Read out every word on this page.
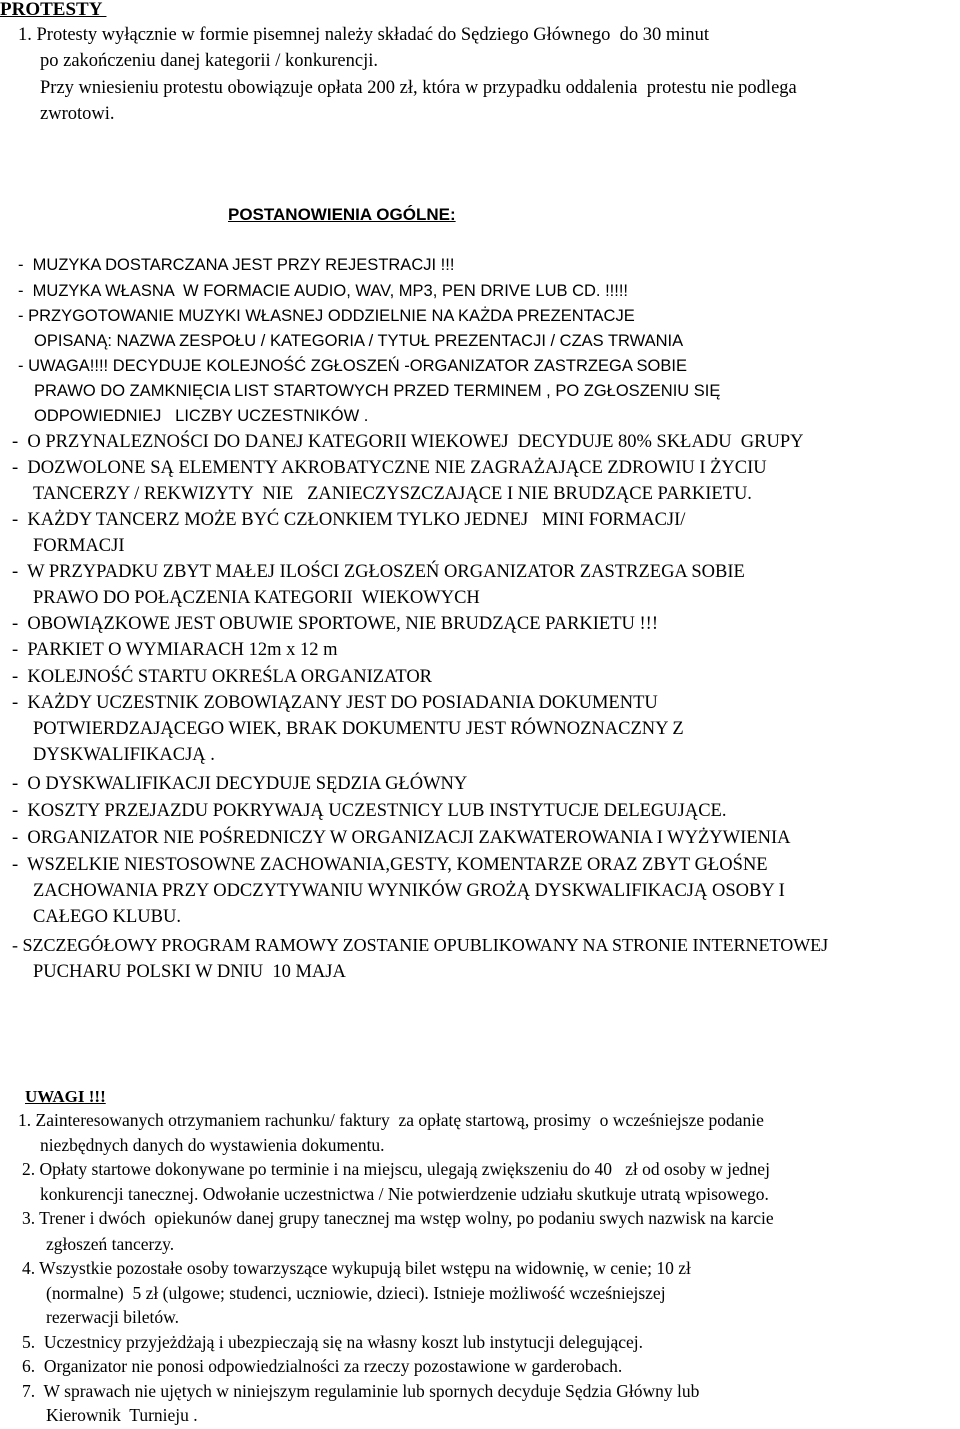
PROTESTY
1. Protesty wyłącznie w formie pisemnej należy składać do Sędziego Głównego  do 30 minut
po zakończeniu danej kategorii / konkurencji.
Przy wniesieniu protestu obowiązuje opłata 200 zł, która w przypadku oddalenia  protestu nie podlega
zwrotowi.
POSTANOWIENIA OGÓLNE:
-  MUZYKA DOSTARCZANA JEST PRZY REJESTRACJI !!!
-  MUZYKA WŁASNA  W FORMACIE AUDIO, WAV, MP3, PEN DRIVE LUB CD. !!!!!
- PRZYGOTOWANIE MUZYKI WŁASNEJ ODDZIELNIE NA KAŻDA PREZENTACJE
OPISANĄ: NAZWA ZESPOŁU / KATEGORIA / TYTUŁ PREZENTACJI / CZAS TRWANIA
- UWAGA!!!! DECYDUJE KOLEJNOŚĆ ZGŁOSZEŃ -ORGANIZATOR ZASTRZEGA SOBIE
PRAWO DO ZAMKNIĘCIA LIST STARTOWYCH PRZED TERMINEM , PO ZGŁOSZENIU SIĘ
ODPOWIEDNIEJ   LICZBY UCZESTNIKÓW .
-  O PRZYNALEZNOŚCI DO DANEJ KATEGORII WIEKOWEJ  DECYDUJE 80% SKŁADU  GRUPY
-  DOZWOLONE SĄ ELEMENTY AKROBATYCZNE NIE ZAGRAŻAJĄCE ZDROWIU I ŻYCIU
TANCERZY / REKWIZYTY  NIE   ZANIECZYSZCZAJĄCE I NIE BRUDZĄCE PARKIETU.
-  KAŻDY TANCERZ MOŻE BYĆ CZŁONKIEM TYLKO JEDNEJ   MINI FORMACJI/
FORMACJI
-  W PRZYPADKU ZBYT MAŁEJ ILOŚCI ZGŁOSZEŃ ORGANIZATOR ZASTRZEGA SOBIE
PRAWO DO POŁĄCZENIA KATEGORII  WIEKOWYCH
-  OBOWIĄZKOWE JEST OBUWIE SPORTOWE, NIE BRUDZĄCE PARKIETU !!!
-  PARKIET O WYMIARACH 12m x 12 m
-  KOLEJNOŚĆ STARTU OKREŚLA ORGANIZATOR
-  KAŻDY UCZESTNIK ZOBOWIĄZANY JEST DO POSIADANIA DOKUMENTU
POTWIERDZAJĄCEGO WIEK, BRAK DOKUMENTU JEST RÓWNOZNACZNY Z
DYSKWALIFIKACJĄ .
-  O DYSKWALIFIKACJI DECYDUJE SĘDZIA GŁÓWNY
-  KOSZTY PRZEJAZDU POKRYWAJĄ UCZESTNICY LUB INSTYTUCJE DELEGUJĄCE.
-  ORGANIZATOR NIE POŚREDNICZY W ORGANIZACJI ZAKWATEROWANIA I WYŻYWIENIA
-  WSZELKIE NIESTOSOWNE ZACHOWANIA,GESTY, KOMENTARZE ORAZ ZBYT GŁOŚNE
ZACHOWANIA PRZY ODCZYTYWANIU WYNIKÓW GROŻĄ DYSKWALIFIKACJĄ OSOBY I
CAŁEGO KLUBU.
- SZCZEGÓŁOWY PROGRAM RAMOWY ZOSTANIE OPUBLIKOWANY NA STRONIE INTERNETOWEJ
PUCHARU POLSKI W DNIU  10 MAJA
UWAGI !!!
1. Zainteresowanych otrzymaniem rachunku/ faktury  za opłatę startową, prosimy  o wcześniejsze podanie
niezbędnych danych do wystawienia dokumentu.
2. Opłaty startowe dokonywane po terminie i na miejscu, ulegają zwiększeniu do 40   zł od osoby w jednej
konkurencji tanecznej. Odwołanie uczestnictwa / Nie potwierdzenie udziału skutkuje utratą wpisowego.
3. Trener i dwóch  opiekunów danej grupy tanecznej ma wstęp wolny, po podaniu swych nazwisk na karcie
zgłoszeń tancerzy.
4. Wszystkie pozostałe osoby towarzyszące wykupują bilet wstępu na widownię, w cenie; 10 zł
(normalne)  5 zł (ulgowe; studenci, uczniowie, dzieci). Istnieje możliwość wcześniejszej
rezerwacji biletów.
5.  Uczestnicy przyjeżdżają i ubezpieczają się na własny koszt lub instytucji delegującej.
6.  Organizator nie ponosi odpowiedzialności za rzeczy pozostawione w garderobach.
7.  W sprawach nie ujętych w niniejszym regulaminie lub spornych decyduje Sędzia Główny lub
Kierownik  Turnieju .
